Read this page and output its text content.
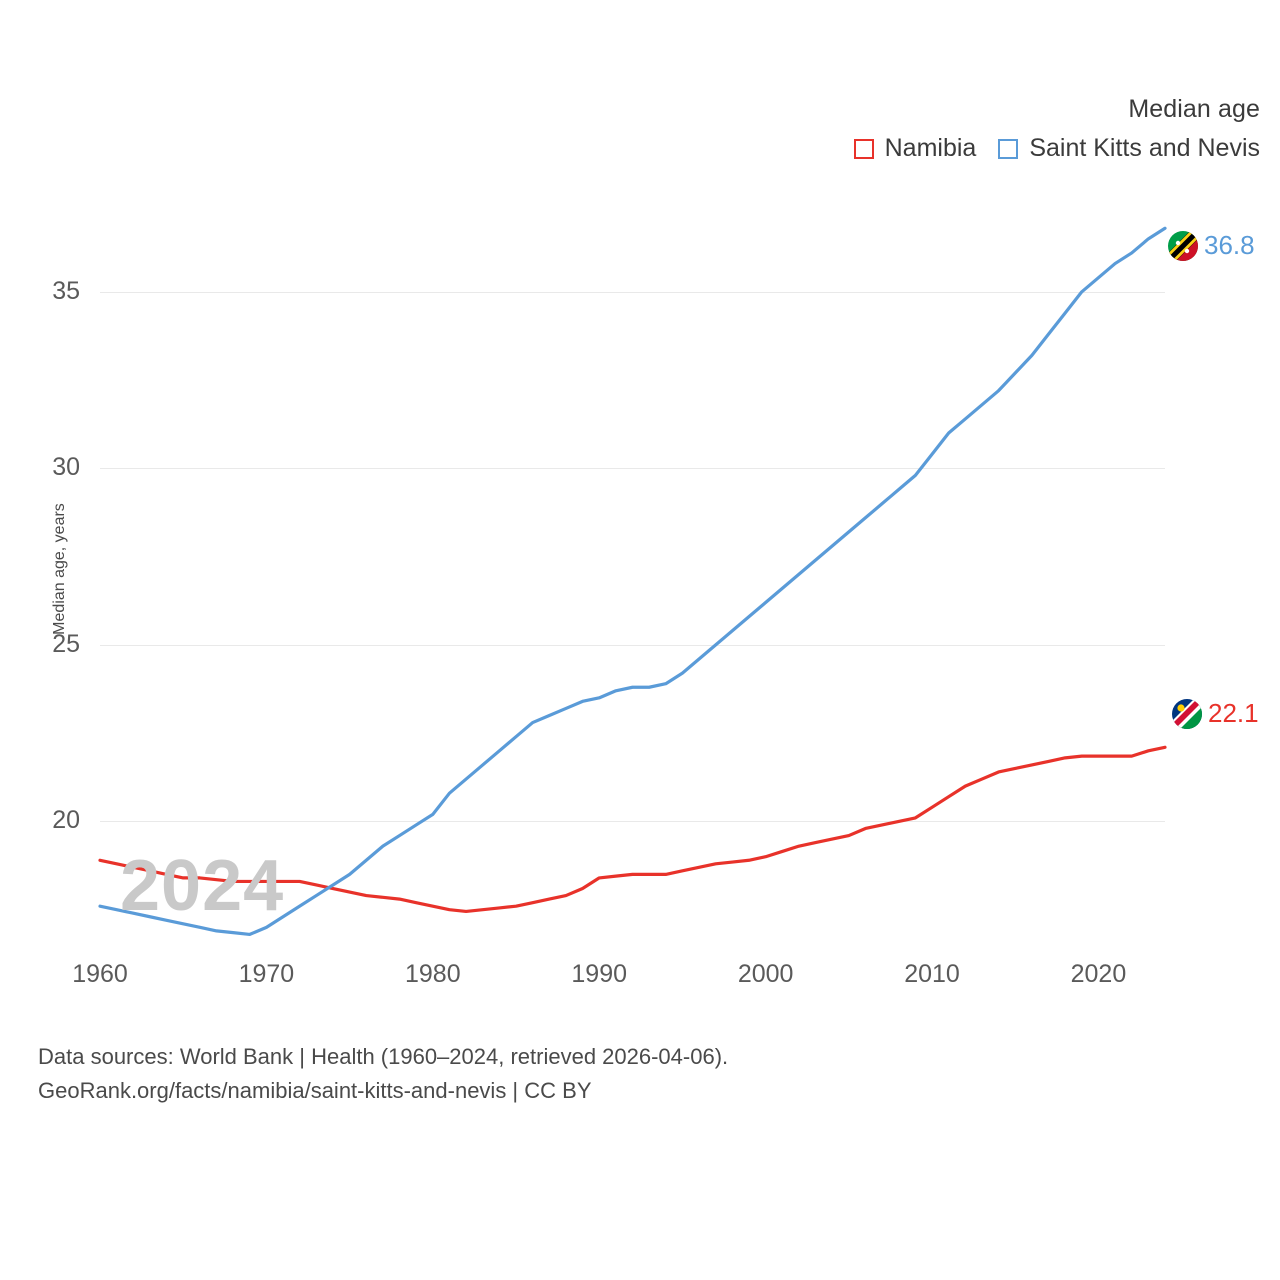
Median age
Namibia Saint Kitts and Nevis
Median age, years
20
25
30
35
1960	1970	1980	1990	2000	2010	2020
2024
36.8
22.1
Data sources: World Bank | Health (1960–2024, retrieved 2026-04-06).
GeoRank.org/facts/namibia/saint-kitts-and-nevis | CC BY
